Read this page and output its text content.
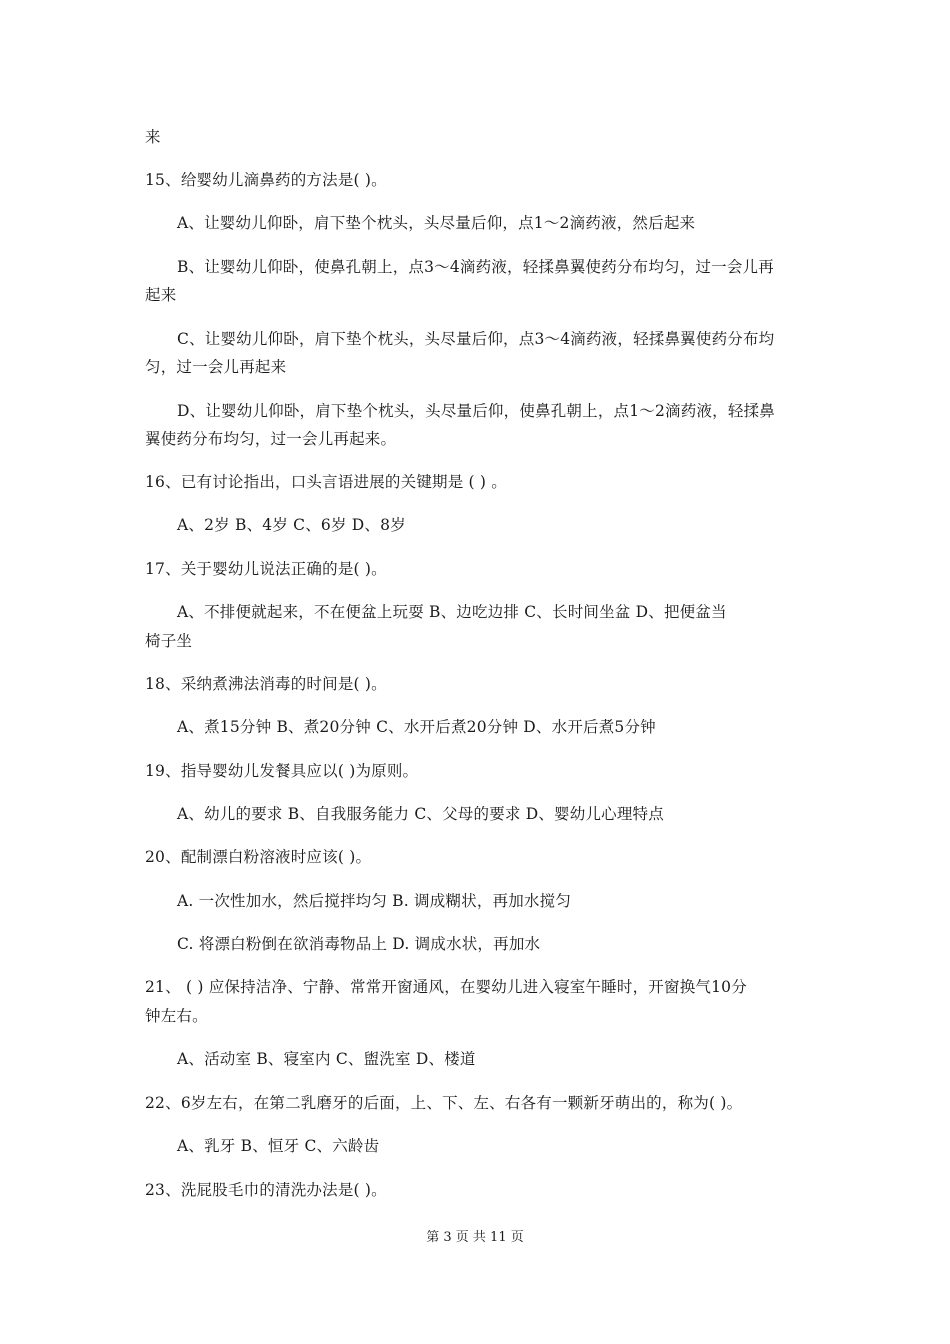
来
15、给婴幼儿滴鼻药的方法是( )。
A、让婴幼儿仰卧，肩下垫个枕头，头尽量后仰，点1～2滴药液，然后起来
B、让婴幼儿仰卧，使鼻孔朝上，点3～4滴药液，轻揉鼻翼使药分布均匀，过一会儿再
起来
C、让婴幼儿仰卧，肩下垫个枕头，头尽量后仰，点3～4滴药液，轻揉鼻翼使药分布均
匀，过一会儿再起来
D、让婴幼儿仰卧，肩下垫个枕头，头尽量后仰，使鼻孔朝上，点1～2滴药液，轻揉鼻
翼使药分布均匀，过一会儿再起来。
16、已有讨论指出，口头言语进展的关键期是 ( ) 。
A、2岁 B、4岁 C、6岁 D、8岁
17、关于婴幼儿说法正确的是( )。
A、不排便就起来，不在便盆上玩耍 B、边吃边排 C、长时间坐盆 D、把便盆当
椅子坐
18、采纳煮沸法消毒的时间是( )。
A、煮15分钟 B、煮20分钟 C、水开后煮20分钟 D、水开后煮5分钟
19、指导婴幼儿发餐具应以( )为原则。
A、幼儿的要求 B、自我服务能力 C、父母的要求 D、婴幼儿心理特点
20、配制漂白粉溶液时应该( )。
A. 一次性加水，然后搅拌均匀 B. 调成糊状，再加水搅匀
C. 将漂白粉倒在欲消毒物品上 D. 调成水状，再加水
21、 ( ) 应保持洁净、宁静、常常开窗通风，在婴幼儿进入寝室午睡时，开窗换气10分
钟左右。
A、活动室 B、寝室内 C、盥洗室 D、楼道
22、6岁左右，在第二乳磨牙的后面，上、下、左、右各有一颗新牙萌出的，称为( )。
A、乳牙 B、恒牙 C、六龄齿
23、洗屁股毛巾的清洗办法是( )。
第 3 页 共 11 页
